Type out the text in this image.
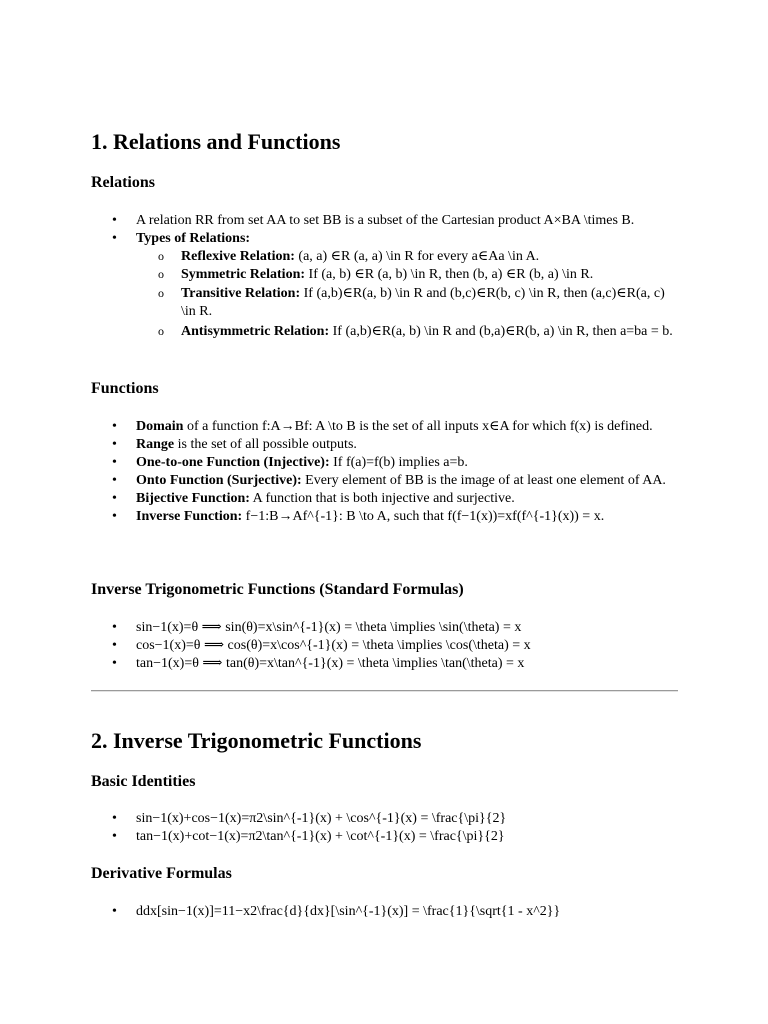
1. Relations and Functions
Relations
• A relation RR from set AA to set BB is a subset of the Cartesian product A×BA \times B.
• Types of Relations:
o Reflexive Relation: (a, a) ∈R (a, a) \in R for every a∈Aa \in A.
o Symmetric Relation: If (a, b) ∈R (a, b) \in R, then (b, a) ∈R (b, a) \in R.
o Transitive Relation: If (a,b)∈R(a, b) \in R and (b,c)∈R(b, c) \in R, then (a,c)∈R(a, c) \in R.
o Antisymmetric Relation: If (a,b)∈R(a, b) \in R and (b,a)∈R(b, a) \in R, then a=ba = b.
Functions
• Domain of a function f:A→Bf: A \to B is the set of all inputs x∈A for which f(x) is defined.
• Range is the set of all possible outputs.
• One-to-one Function (Injective): If f(a)=f(b) implies a=b.
• Onto Function (Surjective): Every element of BB is the image of at least one element of AA.
• Bijective Function: A function that is both injective and surjective.
• Inverse Function: f−1:B→Af^{-1}: B \to A, such that f(f−1(x))=xf(f^{-1}(x)) = x.
Inverse Trigonometric Functions (Standard Formulas)
• sin−1(x)=θ ⟹ sin(θ)=x\sin^{-1}(x) = \theta \implies \sin(\theta) = x
• cos−1(x)=θ ⟹ cos(θ)=x\cos^{-1}(x) = \theta \implies \cos(\theta) = x
• tan−1(x)=θ ⟹ tan(θ)=x\tan^{-1}(x) = \theta \implies \tan(\theta) = x
2. Inverse Trigonometric Functions
Basic Identities
• sin−1(x)+cos−1(x)=π2\sin^{-1}(x) + \cos^{-1}(x) = \frac{\pi}{2}
• tan−1(x)+cot−1(x)=π2\tan^{-1}(x) + \cot^{-1}(x) = \frac{\pi}{2}
Derivative Formulas
• ddx[sin−1(x)]=11−x2\frac{d}{dx}[\sin^{-1}(x)] = \frac{1}{\sqrt{1 - x^2}}
